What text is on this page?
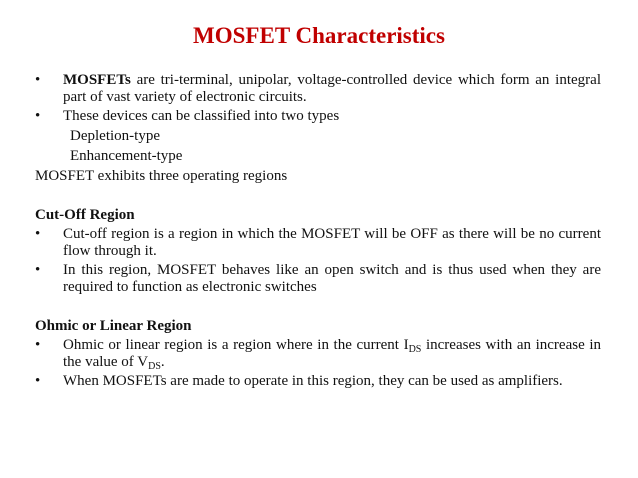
MOSFET Characteristics
• MOSFETs are tri-terminal, unipolar, voltage-controlled device which form an integral part of vast variety of electronic circuits.
• These devices can be classified into two types
Depletion-type
Enhancement-type
MOSFET exhibits three operating regions
Cut-Off Region
• Cut-off region is a region in which the MOSFET will be OFF as there will be no current flow through it.
• In this region, MOSFET behaves like an open switch and is thus used when they are required to function as electronic switches
Ohmic or Linear Region
• Ohmic or linear region is a region where in the current $I_{DS}$ increases with an increase in the value of $V_{DS}$.
• When MOSFETs are made to operate in this region, they can be used as amplifiers.
